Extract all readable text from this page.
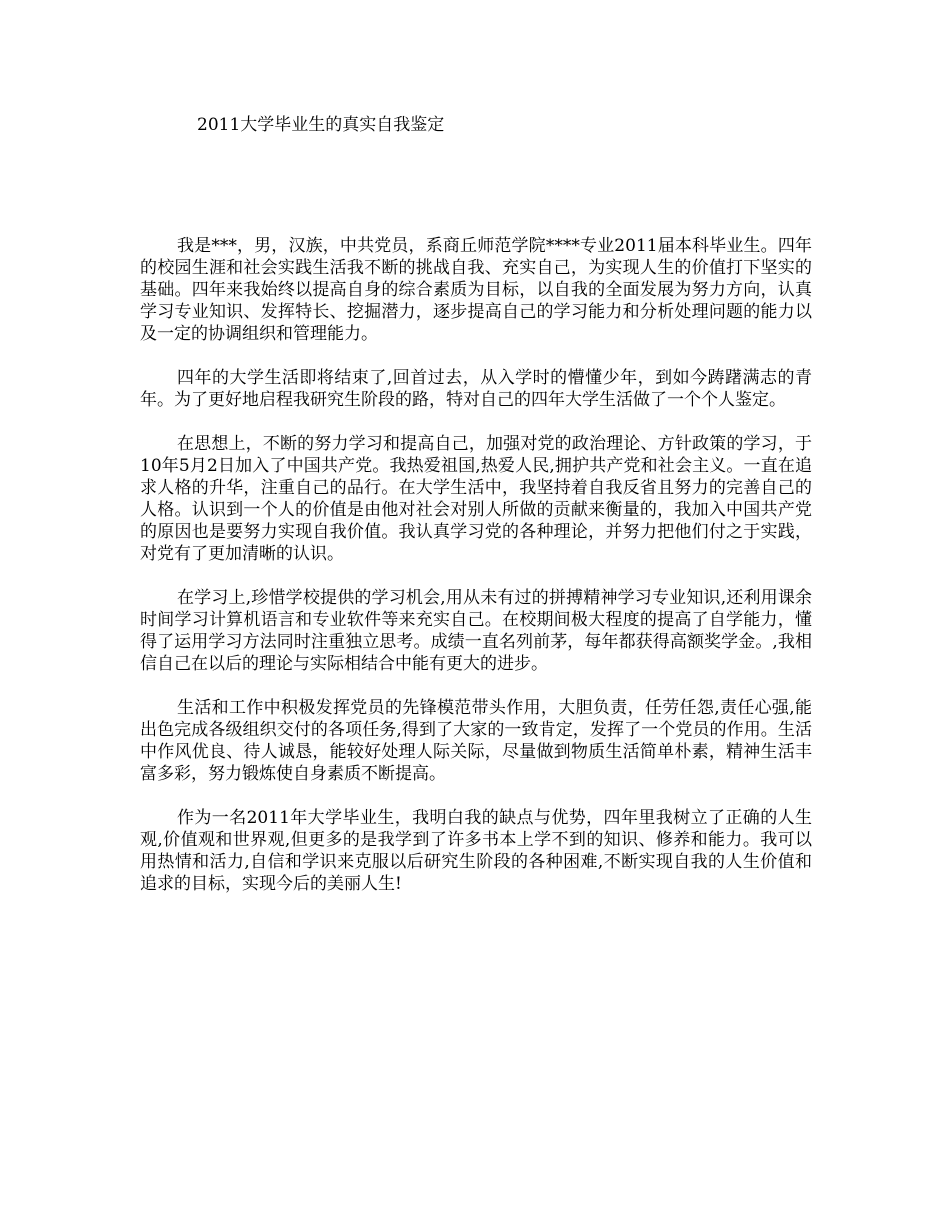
2011大学毕业生的真实自我鉴定

我是***，男，汉族，中共党员，系商丘师范学院****专业2011届本科毕业生。四年的校园生涯和社会实践生活我不断的挑战自我、充实自己，为实现人生的价值打下坚实的基础。四年来我始终以提高自身的综合素质为目标，以自我的全面发展为努力方向，认真学习专业知识、发挥特长、挖掘潜力，逐步提高自己的学习能力和分析处理问题的能力以及一定的协调组织和管理能力。

四年的大学生活即将结束了,回首过去，从入学时的懵懂少年，到如今踌躇满志的青年。为了更好地启程我研究生阶段的路，特对自己的四年大学生活做了一个个人鉴定。

在思想上，不断的努力学习和提高自己，加强对党的政治理论、方针政策的学习，于10年5月2日加入了中国共产党。我热爱祖国,热爱人民,拥护共产党和社会主义。一直在追求人格的升华，注重自己的品行。在大学生活中，我坚持着自我反省且努力的完善自己的人格。认识到一个人的价值是由他对社会对别人所做的贡献来衡量的，我加入中国共产党的原因也是要努力实现自我价值。我认真学习党的各种理论，并努力把他们付之于实践，对党有了更加清晰的认识。

在学习上,珍惜学校提供的学习机会,用从未有过的拼搏精神学习专业知识,还利用课余时间学习计算机语言和专业软件等来充实自己。在校期间极大程度的提高了自学能力，懂得了运用学习方法同时注重独立思考。成绩一直名列前茅，每年都获得高额奖学金。,我相信自己在以后的理论与实际相结合中能有更大的进步。

生活和工作中积极发挥党员的先锋模范带头作用，大胆负责，任劳任怨,责任心强,能出色完成各级组织交付的各项任务,得到了大家的一致肯定，发挥了一个党员的作用。生活中作风优良、待人诚恳，能较好处理人际关际，尽量做到物质生活简单朴素，精神生活丰富多彩，努力锻炼使自身素质不断提高。

作为一名2011年大学毕业生，我明白我的缺点与优势，四年里我树立了正确的人生观,价值观和世界观,但更多的是我学到了许多书本上学不到的知识、修养和能力。我可以用热情和活力,自信和学识来克服以后研究生阶段的各种困难,不断实现自我的人生价值和追求的目标，实现今后的美丽人生!
